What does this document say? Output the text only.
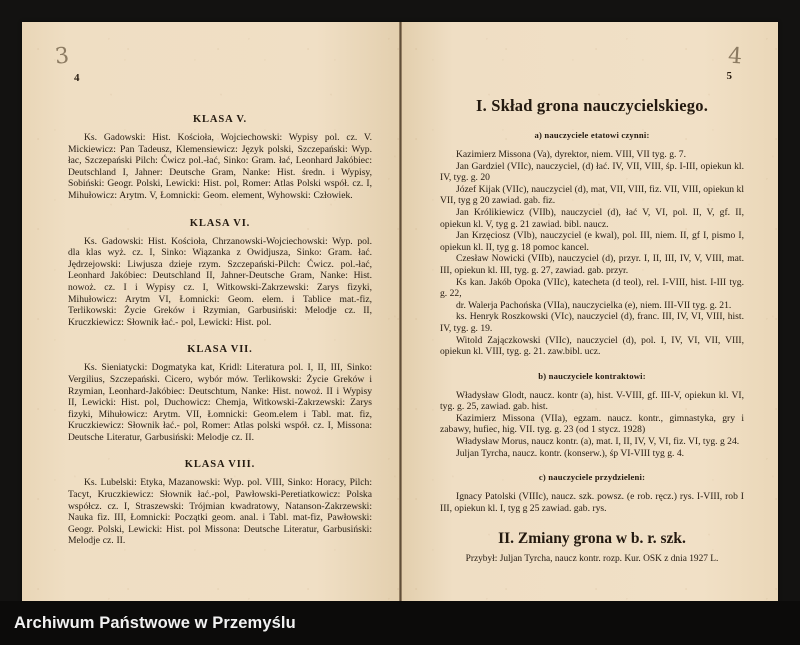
3
4
KLASA V.

Ks. Gadowski: Hist. Kościoła, Wojciechowski: Wypisy pol. cz. V. Mickiewicz: Pan Tadeusz, Klemensiewicz: Język polski, Szczepański: Wyp. łac, Szczepański Pilch: Ćwicz pol.-łać, Sinko: Gram. łać, Leonhard Jakóbiec: Deutschland I, Jahner: Deutsche Gram, Nanke: Hist. średn. i Wypisy, Sobiński: Geogr. Polski, Lewicki: Hist. pol, Romer: Atlas Polski współ. cz. I, Mihułowicz: Arytm. V, Łomnicki: Geom. element, Wyhowski: Człowiek.

KLASA VI.

Ks. Gadowski: Hist. Kościoła, Chrzanowski-Wojciechowski: Wyp. pol. dla klas wyż. cz. I, Sinko: Wiązanka z Owidjusza, Sinko: Gram. łać. Jędrzejowski: Liwjusza dzieje rzym. Szczepański-Pilch: Ćwicz. pol.-łać, Leonhard Jakóbiec: Deutschland II, Jahner-Deutsche Gram, Nanke: Hist. nowoż. cz. I i Wypisy cz. I, Witkowski-Zakrzewski: Zarys fizyki, Mihułowicz: Arytm VI, Łomnicki: Geom. elem. i Tablice mat.-fiz, Terlikowski: Życie Greków i Rzymian, Garbusiński: Melodje cz. II, Kruczkiewicz: Słownik łać.- pol, Lewicki: Hist. pol.

KLASA VII.

Ks. Sieniatycki: Dogmatyka kat, Kridl: Literatura pol. I, II, III, Sinko: Vergilius, Szczepański. Cicero, wybór mów. Terlikowski: Życie Greków i Rzymian, Leonhard-Jakóbiec: Deutschtum, Nanke: Hist. nowoż. II i Wypisy II, Lewicki: Hist. pol, Duchowicz: Chemja, Witkowski-Zakrzewski: Zarys fizyki, Mihułowicz: Arytm. VII, Łomnicki: Geom.elem i Tabl. mat. fiz, Kruczkiewicz: Słownik łać.- pol, Romer: Atlas polski współ. cz. I, Missona: Deutsche Literatur, Garbusiński: Melodje cz. II.

KLASA VIII.

Ks. Lubelski: Etyka, Mazanowski: Wyp. pol. VIII, Sinko: Horacy, Pilch: Tacyt, Kruczkiewicz: Słownik łać.-pol, Pawłowski-Peretiatkowicz: Polska współcz. cz. I, Straszewski: Trójmian kwadratowy, Natanson-Zakrzewski: Nauka fiz. III, Łomnicki: Początki geom. anal. i Tabl. mat-fiz, Pawłowski: Geogr. Polski, Lewicki: Hist. pol Missona: Deutsche Literatur, Garbusiński: Melodje cz. II.

4
5
I. Skład grona nauczycielskiego.
a) nauczyciele etatowi czynni:

Kazimierz Missona (Va), dyrektor, niem. VIII, VII tyg. g. 7.

Jan Gardziel (VIIc), nauczyciel, (d) łać. IV, VII, VIII, śp. I-III, opiekun kl. IV, tyg. g. 20

Józef Kijak (VIIc), nauczyciel (d), mat, VII, VIII, fiz. VII, VIII, opiekun kl VII, tyg g 20 zawiad. gab. fiz.

Jan Królikiewicz (VIIb), nauczyciel (d), łać V, VI, pol. II, V, gf. II, opiekun kl. V, tyg g. 21 zawiad. bibl. naucz.

Jan Krzęciosz (VIb), nauczyciel (e kwal), pol. III, niem. II, gf I, pismo I, opiekun kl. II, tyg g. 18 pomoc kancel.

Czesław Nowicki (VIIb), nauczyciel (d), przyr. I, II, III, IV, V, VIII, mat. III, opiekun kl. III, tyg. g. 27, zawiad. gab. przyr.

Ks kan. Jakób Opoka (VIIc), katecheta (d teol), rel. I-VIII, hist. I-III tyg. g. 22,

dr. Walerja Pachońska (VIIa), nauczycielka (e), niem. III-VII tyg. g. 21.

ks. Henryk Roszkowski (VIc), nauczyciel (d), franc. III, IV, VI, VIII, hist. IV, tyg. g. 19.

Witold Zajączkowski (VIIc), nauczyciel (d), pol. I, IV, VI, VII, VIII, opiekun kl. VIII, tyg. g. 21. zaw.bibl. ucz.

b) nauczyciele kontraktowi:

Władysław Glodt, naucz. kontr (a), hist. V-VIII, gf. III-V, opiekun kl. VI, tyg. g. 25, zawiad. gab. hist.

Kazimierz Missona (VIIa), egzam. naucz. kontr., gimnastyka, gry i zabawy, hufiec, hig. VII. tyg. g. 23 (od 1 stycz. 1928)

Władysław Morus, naucz kontr. (a), mat. I, II, IV, V, VI, fiz. VI, tyg. g 24.

Juljan Tyrcha, naucz. kontr. (konserw.), śp VI-VIII tyg g. 4.

c) nauczyciele przydzieleni:

Ignacy Patolski (VIIIc), naucz. szk. powsz. (e rob. ręcz.) rys. I-VIII, rob I III, opiekun kl. I, tyg g 25 zawiad. gab. rys.

II. Zmiany grona w b. r. szk.

Przybył: Juljan Tyrcha, naucz kontr. rozp. Kur. OSK z dnia 1927 L.

Archiwum Państwowe w Przemyślu
